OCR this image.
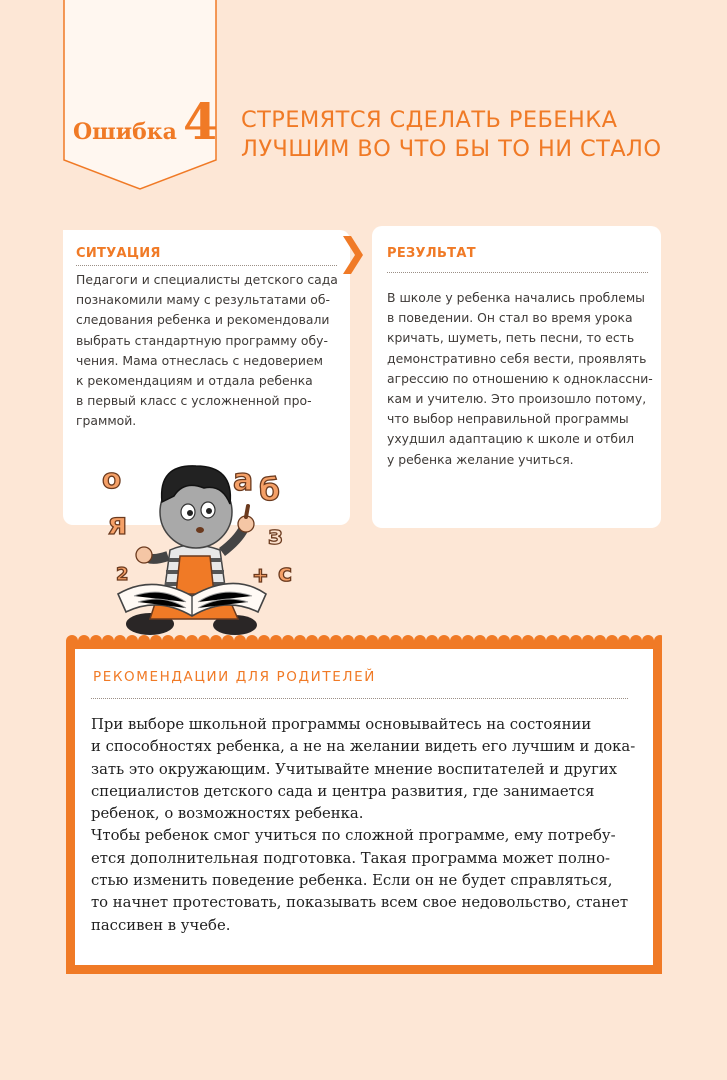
Ошибка 4 СТРЕМЯТСЯ СДЕЛАТЬ РЕБЕНКА
ЛУЧШИМ ВО ЧТО БЫ ТО НИ СТАЛО
СИТУАЦИЯ
Педагоги и специалисты детского сада
познакомили маму с результатами об-
следования ребенка и рекомендовали
выбрать стандартную программу обу-
чения. Мама отнеслась с недоверием
к рекомендациям и отдала ребенка
в первый класс с усложненной про-
граммой.
РЕЗУЛЬТАТ
В школе у ребенка начались проблемы
в поведении. Он стал во время урока
кричать, шуметь, петь песни, то есть
демонстративно себя вести, проявлять
агрессию по отношению к одноклассни-
кам и учителю. Это произошло потому,
что выбор неправильной программы
ухудшил адаптацию к школе и отбил
у ребенка желание учиться.
о
я
б
а
з
с
+
2
РЕКОМЕНДАЦИИ ДЛЯ РОДИТЕЛЕЙ
При выборе школьной программы основывайтесь на состоянии
и способностях ребенка, а не на желании видеть его лучшим и дока-
зать это окружающим. Учитывайте мнение воспитателей и других
специалистов детского сада и центра развития, где занимается
ребенок, о возможностях ребенка.
Чтобы ребенок смог учиться по сложной программе, ему потребу-
ется дополнительная подготовка. Такая программа может полно-
стью изменить поведение ребенка. Если он не будет справляться,
то начнет протестовать, показывать всем свое недовольство, станет
пассивен в учебе.
